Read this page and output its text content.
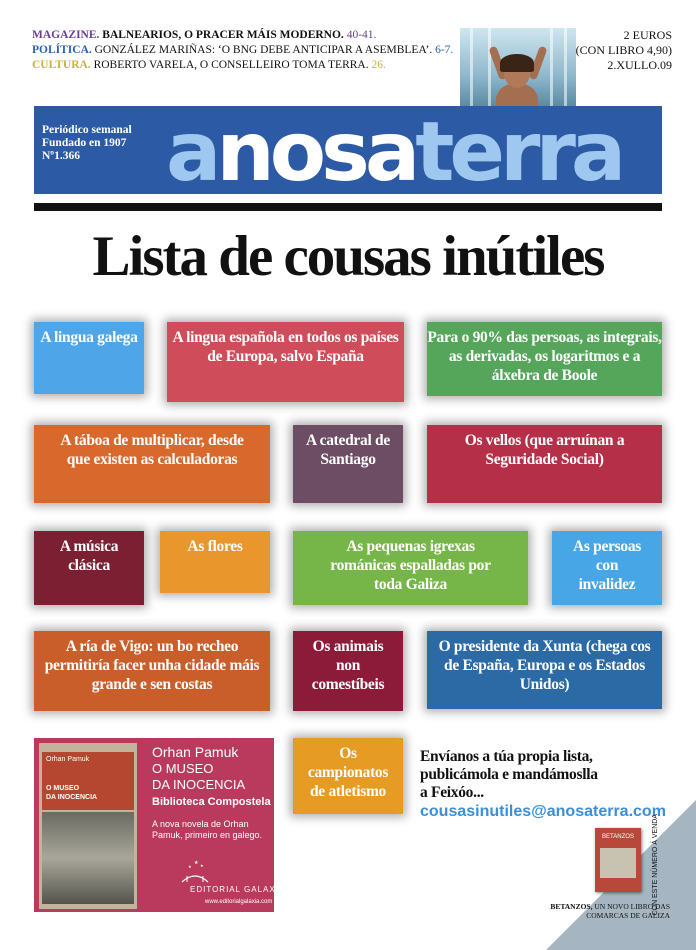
MAGAZINE. BALNEARIOS, O PRACER MÁIS MODERNO. 40-41.
POLÍTICA. GONZÁLEZ MARIÑAS: ‘O BNG DEBE ANTICIPAR A ASEMBLEA’. 6-7.
CULTURA. ROBERTO VARELA, O CONSELLEIRO TOMA TERRA. 26.
2 EUROS
(CON LIBRO 4,90)
2.XULLO.09
Periódico semanal
Fundado en 1907
Nº1.366	anosaterra
Lista de cousas inútiles
A lingua galega	A lingua española en todos os países de Europa, salvo España
Para o 90% das persoas, as integrais, as derivadas, os logaritmos e a álxebra de Boole
A táboa de multiplicar, desde que existen as calculadoras
A catedral de Santiago
Os vellos (que arruínan a Seguridade Social)
A música clásica
As flores	As pequenas igrexas románicas espalladas por toda Galiza
As persoas con invalidez
A ría de Vigo: un bo recheo permitiría facer unha cidade máis grande e sen costas
Os animais non comestíbeis
O presidente da Xunta (chega cos de España, Europa e os Estados Unidos)
Os campionatos de atletismo
Orhan Pamuk
O MUSEO
DA INOCENCIA
Orhan Pamuk
O MUSEO
DA INOCENCIA
Biblioteca Compostela
A nova novela de Orhan Pamuk, primeiro en galego.
★ ★
★
EDITORIAL GALAXIA
www.editorialgalaxia.com
Envíanos a túa propia lista,
publicámola e mandámoslla
a Feixóo...
cousasinutiles@anosaterra.com
BETANZOS	CON ESTE NÚMERO Á VENDA
BETANZOS, UN NOVO LIBRO DAS COMARCAS DE GALIZA
